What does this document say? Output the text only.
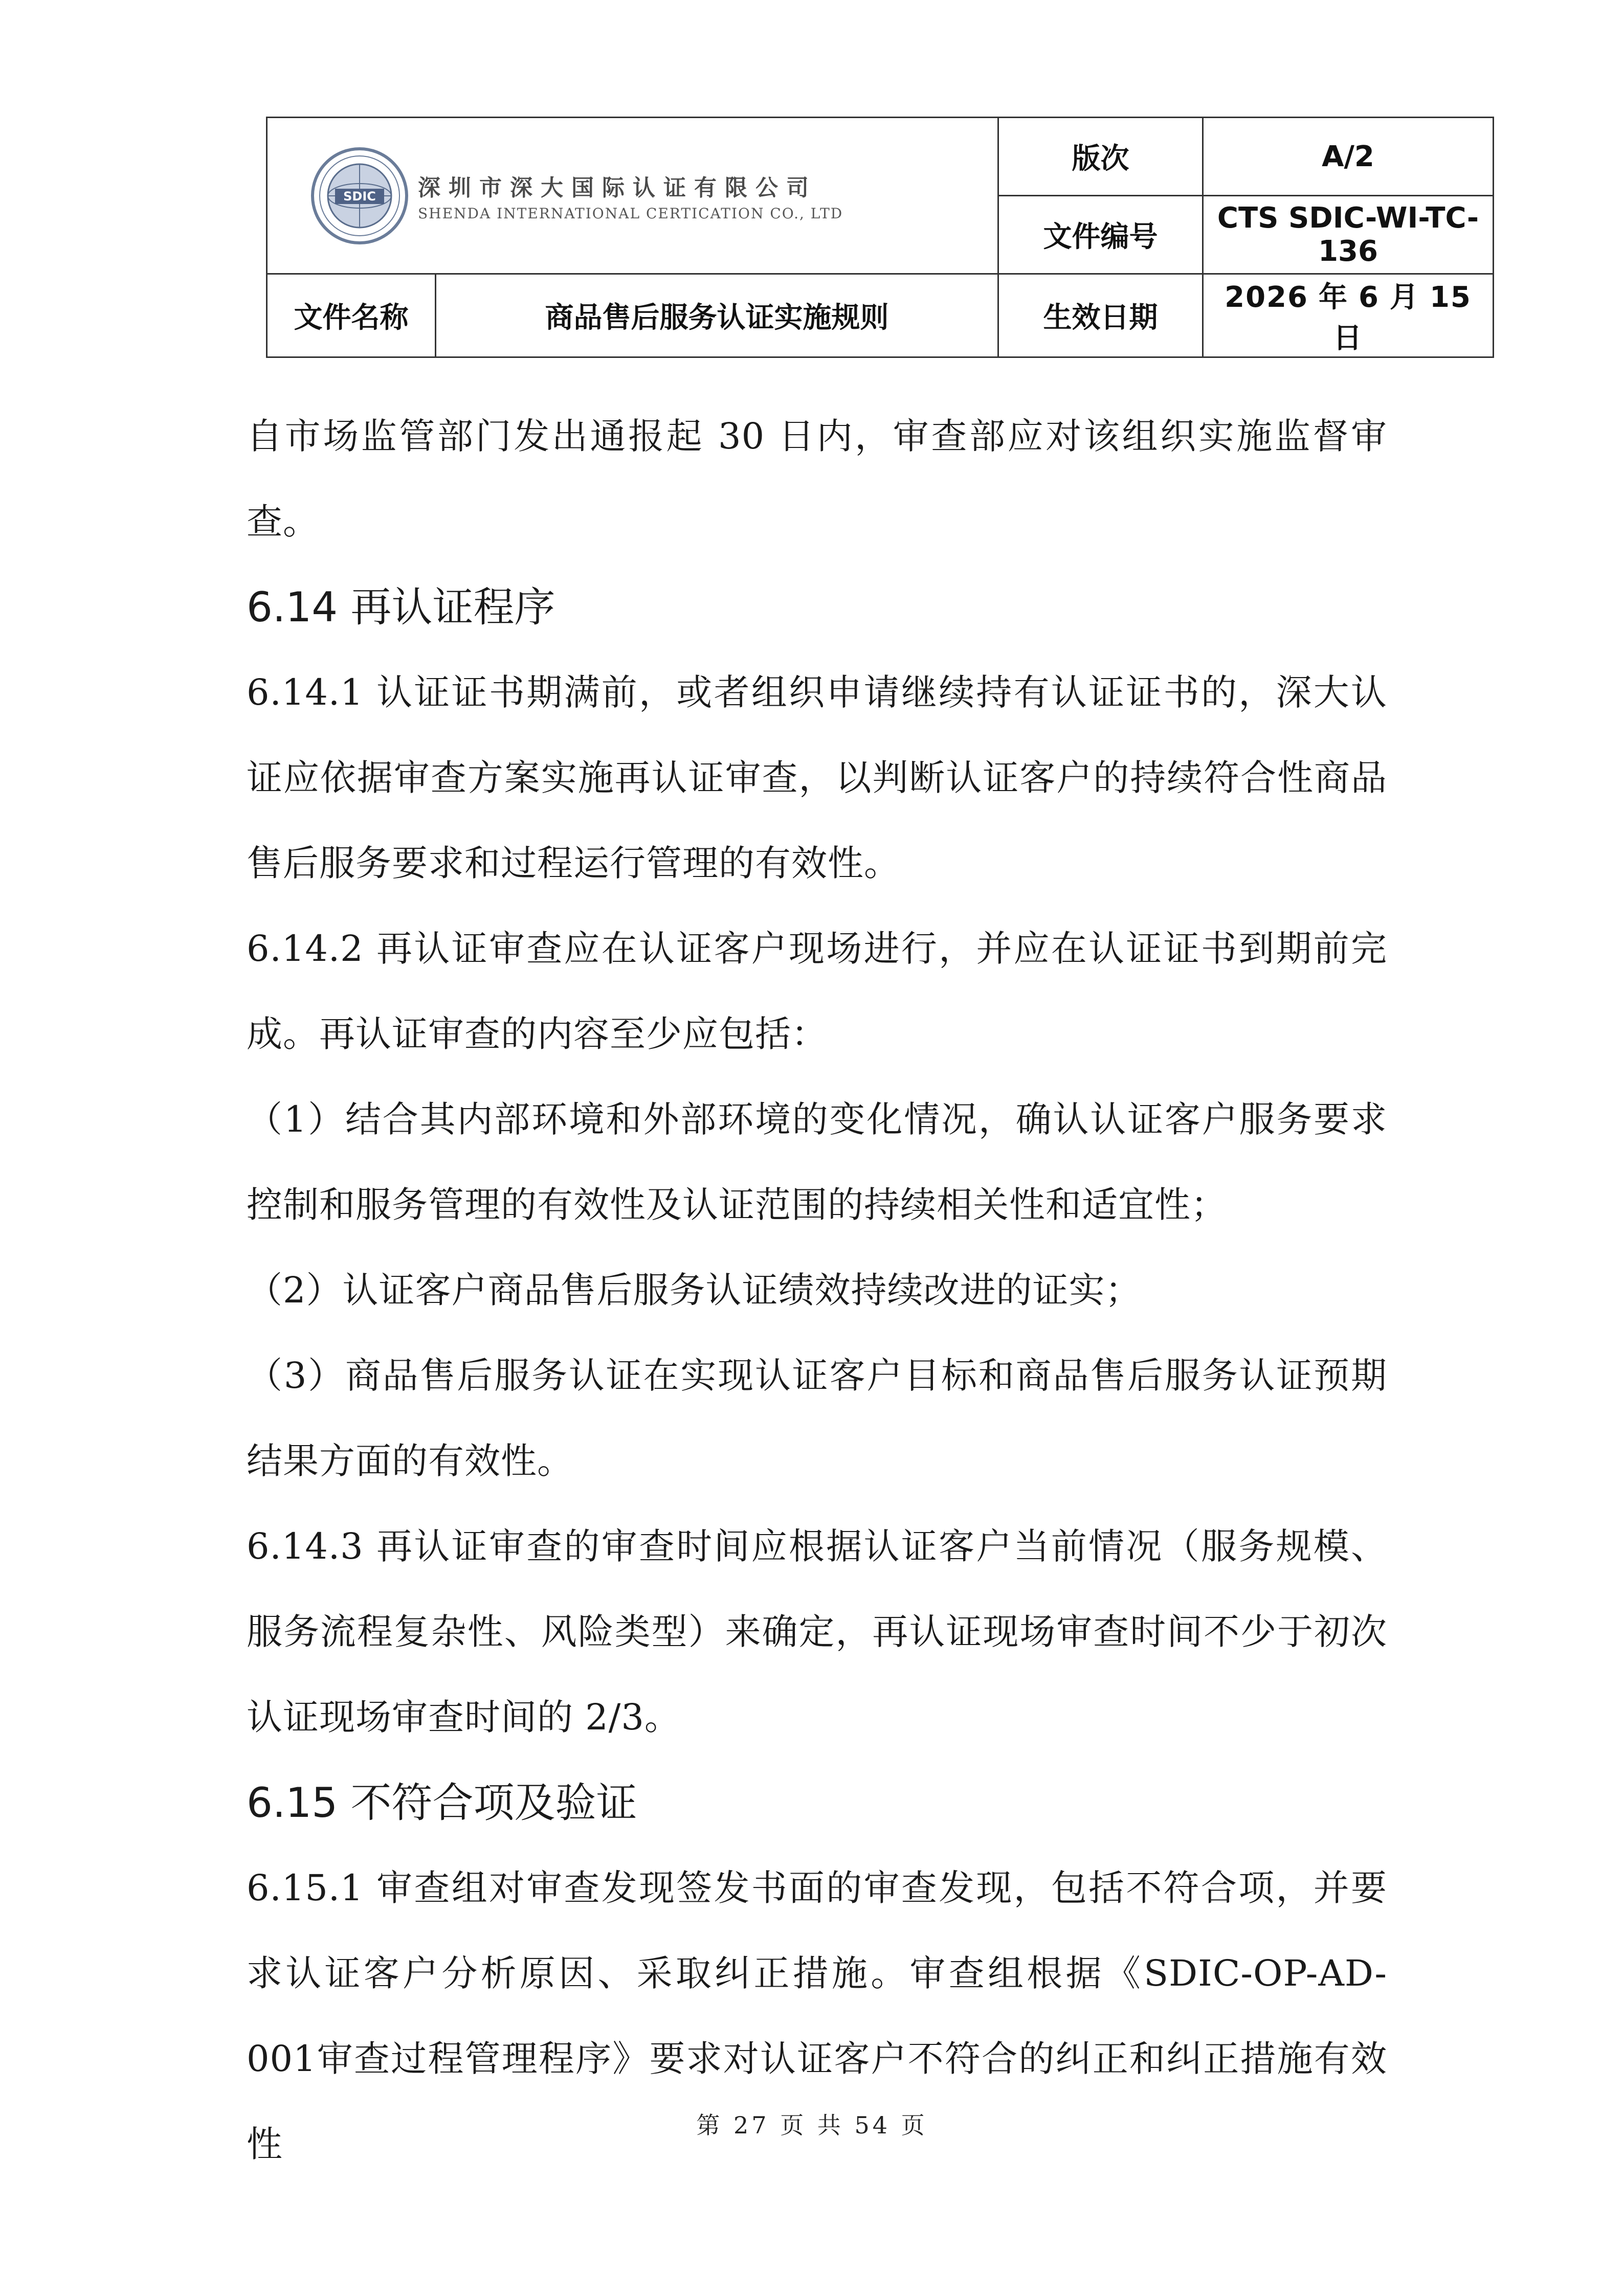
SDIC 深圳市深大国际认证有限公司
SHENDA INTERNATIONAL CERTICATION CO., LTD		版次	A/2
		文件编号	CTS SDIC-WI-TC-136
文件名称	商品售后服务认证实施规则	生效日期	2026 年 6 月 15日

自市场监管部门发出通报起 30 日内，审查部应对该组织实施监督审查。

6.14 再认证程序

6.14.1 认证证书期满前，或者组织申请继续持有认证证书的，深大认证应依据审查方案实施再认证审查，以判断认证客户的持续符合性商品售后服务要求和过程运行管理的有效性。

6.14.2 再认证审查应在认证客户现场进行，并应在认证证书到期前完成。再认证审查的内容至少应包括：

（1）结合其内部环境和外部环境的变化情况，确认认证客户服务要求控制和服务管理的有效性及认证范围的持续相关性和适宜性；

（2）认证客户商品售后服务认证绩效持续改进的证实；

（3）商品售后服务认证在实现认证客户目标和商品售后服务认证预期结果方面的有效性。

6.14.3 再认证审查的审查时间应根据认证客户当前情况（服务规模、服务流程复杂性、风险类型）来确定，再认证现场审查时间不少于初次认证现场审查时间的 2/3。

6.15 不符合项及验证

6.15.1 审查组对审查发现签发书面的审查发现，包括不符合项，并要求认证客户分析原因、采取纠正措施。审查组根据《SDIC-OP-AD-001审查过程管理程序》要求对认证客户不符合的纠正和纠正措施有效性	第 27 页 共 54 页
